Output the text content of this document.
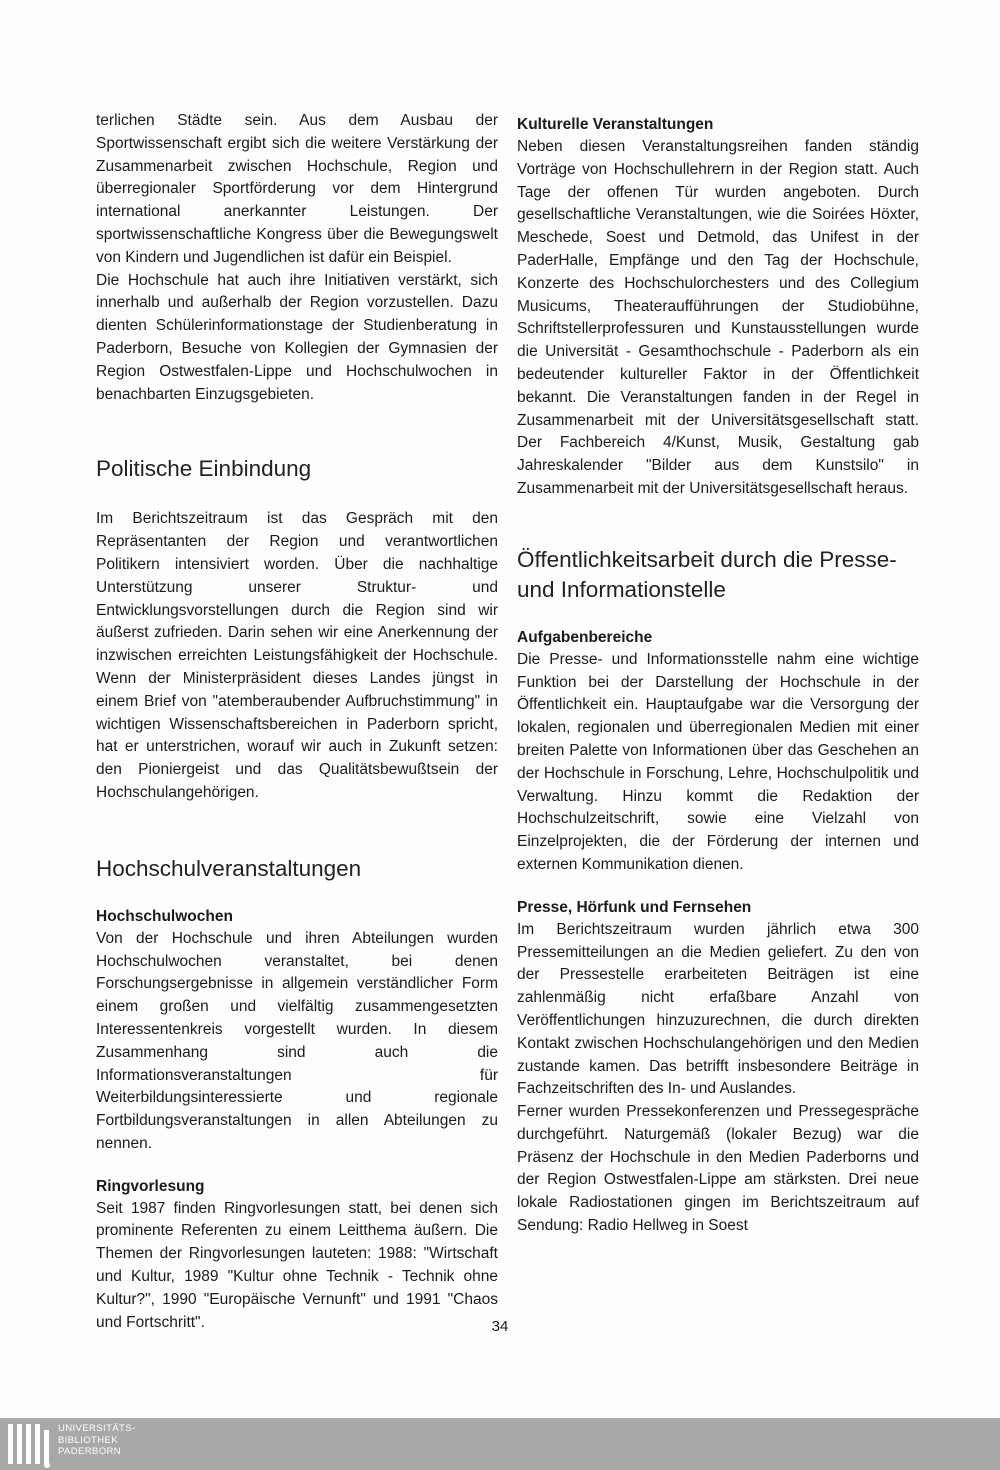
terlichen Städte sein. Aus dem Ausbau der Sportwissenschaft ergibt sich die weitere Verstärkung der Zusammenarbeit zwischen Hochschule, Region und überregionaler Sportförderung vor dem Hintergrund international anerkannter Leistungen. Der sportwissenschaftliche Kongress über die Bewegungswelt von Kindern und Jugendlichen ist dafür ein Beispiel.

Die Hochschule hat auch ihre Initiativen verstärkt, sich innerhalb und außerhalb der Region vorzustellen. Dazu dienten Schülerinformationstage der Studienberatung in Paderborn, Besuche von Kollegien der Gymnasien der Region Ostwestfalen-Lippe und Hochschulwochen in benachbarten Einzugsgebieten.

Politische Einbindung

Im Berichtszeitraum ist das Gespräch mit den Repräsentanten der Region und verantwortlichen Politikern intensiviert worden. Über die nachhaltige Unterstützung unserer Struktur- und Entwicklungsvorstellungen durch die Region sind wir äußerst zufrieden. Darin sehen wir eine Anerkennung der inzwischen erreichten Leistungsfähigkeit der Hochschule. Wenn der Ministerpräsident dieses Landes jüngst in einem Brief von "atemberaubender Aufbruchstimmung" in wichtigen Wissenschaftsbereichen in Paderborn spricht, hat er unterstrichen, worauf wir auch in Zukunft setzen: den Pioniergeist und das Qualitätsbewußtsein der Hochschulangehörigen.

Hochschulveranstaltungen
Hochschulwochen

Von der Hochschule und ihren Abteilungen wurden Hochschulwochen veranstaltet, bei denen Forschungsergebnisse in allgemein verständlicher Form einem großen und vielfältig zusammengesetzten Interessentenkreis vorgestellt wurden. In diesem Zusammenhang sind auch die Informationsveranstaltungen für Weiterbildungsinteressierte und regionale Fortbildungsveranstaltungen in allen Abteilungen zu nennen.

Ringvorlesung

Seit 1987 finden Ringvorlesungen statt, bei denen sich prominente Referenten zu einem Leitthema äußern. Die Themen der Ringvorlesungen lauteten: 1988: "Wirtschaft und Kultur, 1989 "Kultur ohne Technik - Technik ohne Kultur?", 1990 "Europäische Vernunft" und 1991 "Chaos und Fortschritt".

Kulturelle Veranstaltungen

Neben diesen Veranstaltungsreihen fanden ständig Vorträge von Hochschullehrern in der Region statt. Auch Tage der offenen Tür wurden angeboten. Durch gesellschaftliche Veranstaltungen, wie die Soirées Höxter, Meschede, Soest und Detmold, das Unifest in der PaderHalle, Empfänge und den Tag der Hochschule, Konzerte des Hochschulorchesters und des Collegium Musicums, Theateraufführungen der Studiobühne, Schriftstellerprofessuren und Kunstausstellungen wurde die Universität - Gesamthochschule - Paderborn als ein bedeutender kultureller Faktor in der Öffentlichkeit bekannt. Die Veranstaltungen fanden in der Regel in Zusammenarbeit mit der Universitätsgesellschaft statt. Der Fachbereich 4/Kunst, Musik, Gestaltung gab Jahreskalender "Bilder aus dem Kunstsilo" in Zusammenarbeit mit der Universitätsgesellschaft heraus.

Öffentlichkeitsarbeit durch die Presse- und Informationstelle
Aufgabenbereiche

Die Presse- und Informationsstelle nahm eine wichtige Funktion bei der Darstellung der Hochschule in der Öffentlichkeit ein. Hauptaufgabe war die Versorgung der lokalen, regionalen und überregionalen Medien mit einer breiten Palette von Informationen über das Geschehen an der Hochschule in Forschung, Lehre, Hochschulpolitik und Verwaltung. Hinzu kommt die Redaktion der Hochschulzeitschrift, sowie eine Vielzahl von Einzelprojekten, die der Förderung der internen und externen Kommunikation dienen.

Presse, Hörfunk und Fernsehen

Im Berichtszeitraum wurden jährlich etwa 300 Pressemitteilungen an die Medien geliefert. Zu den von der Pressestelle erarbeiteten Beiträgen ist eine zahlenmäßig nicht erfaßbare Anzahl von Veröffentlichungen hinzuzurechnen, die durch direkten Kontakt zwischen Hochschulangehörigen und den Medien zustande kamen. Das betrifft insbesondere Beiträge in Fachzeitschriften des In- und Auslandes.

Ferner wurden Pressekonferenzen und Pressegespräche durchgeführt. Naturgemäß (lokaler Bezug) war die Präsenz der Hochschule in den Medien Paderborns und der Region Ostwestfalen-Lippe am stärksten. Drei neue lokale Radiostationen gingen im Berichtszeitraum auf Sendung: Radio Hellweg in Soest

34
UNIVERSITÄTS-
BIBLIOTHEK
PADERBORN
